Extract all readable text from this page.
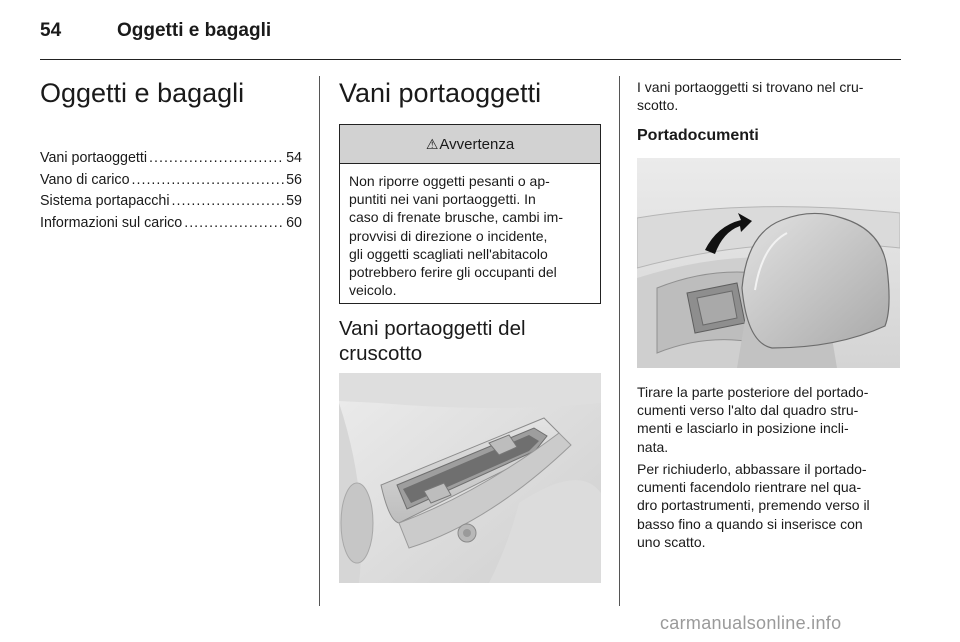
54	Oggetti e bagagli
Oggetti e bagagli
Vani portaoggetti .....	54
Vano di carico .....	56
Sistema portapacchi .....	59
Informazioni sul carico .....	60
Vani portaoggetti
⚠ Avvertenza
Non riporre oggetti pesanti o ap-
puntiti nei vani portaoggetti. In
caso di frenate brusche, cambi im-
provvisi di direzione o incidente,
gli oggetti scagliati nell'abitacolo
potrebbero ferire gli occupanti del
veicolo.
Vani portaoggetti del
cruscotto
I vani portaoggetti si trovano nel cru-
scotto.
Portadocumenti
Tirare la parte posteriore del portado-
cumenti verso l'alto dal quadro stru-
menti e lasciarlo in posizione incli-
nata.
Per richiuderlo, abbassare il portado-
cumenti facendolo rientrare nel qua-
dro portastrumenti, premendo verso il
basso fino a quando si inserisce con
uno scatto.
carmanualsonline.info
